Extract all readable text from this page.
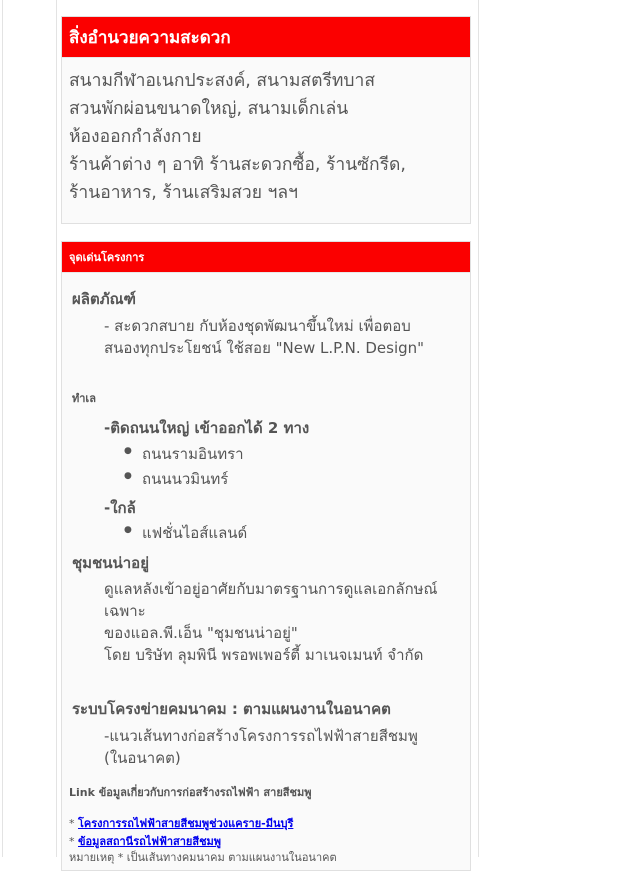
สิ่งอำนวยความสะดวก
สนามกีฬาอเนกประสงค์, สนามสตรีทบาส
สวนพักผ่อนขนาดใหญ่, สนามเด็กเล่น
ห้องออกกำลังกาย
ร้านค้าต่าง ๆ อาทิ ร้านสะดวกซื้อ, ร้านซักรีด,
ร้านอาหาร, ร้านเสริมสวย ฯลฯ
จุดเด่นโครงการ
ผลิตภัณฑ์
- สะดวกสบาย กับห้องชุดพัฒนาขึ้นใหม่ เพื่อตอบ
สนองทุกประโยชน์ ใช้สอย "New L.P.N. Design"
ทำเล
-ติดถนนใหญ่ เข้าออกได้ 2 ทาง
● ถนนรามอินทรา
● ถนนนวมินทร์
-ใกล้
● แฟชั่นไอส์แลนด์
ชุมชนน่าอยู่
ดูแลหลังเข้าอยู่อาศัยกับมาตรฐานการดูแลเอกลักษณ์
เฉพาะ
ของแอล.พี.เอ็น "ชุมชนน่าอยู่"
โดย บริษัท ลุมพินี พรอพเพอร์ตี้ มาเนจเมนท์ จำกัด
ระบบโครงข่ายคมนาคม : ตามแผนงานในอนาคต
-แนวเส้นทางก่อสร้างโครงการรถไฟฟ้าสายสีชมพู
(ในอนาคต)
Link ข้อมูลเกี่ยวกับการก่อสร้างรถไฟฟ้า สายสีชมพู
* โครงการรถไฟฟ้าสายสีชมพูช่วงแคราย-มีนบุรี
* ข้อมูลสถานีรถไฟฟ้าสายสีชมพู
หมายเหตุ * เป็นเส้นทางคมนาคม ตามแผนงานในอนาคต
